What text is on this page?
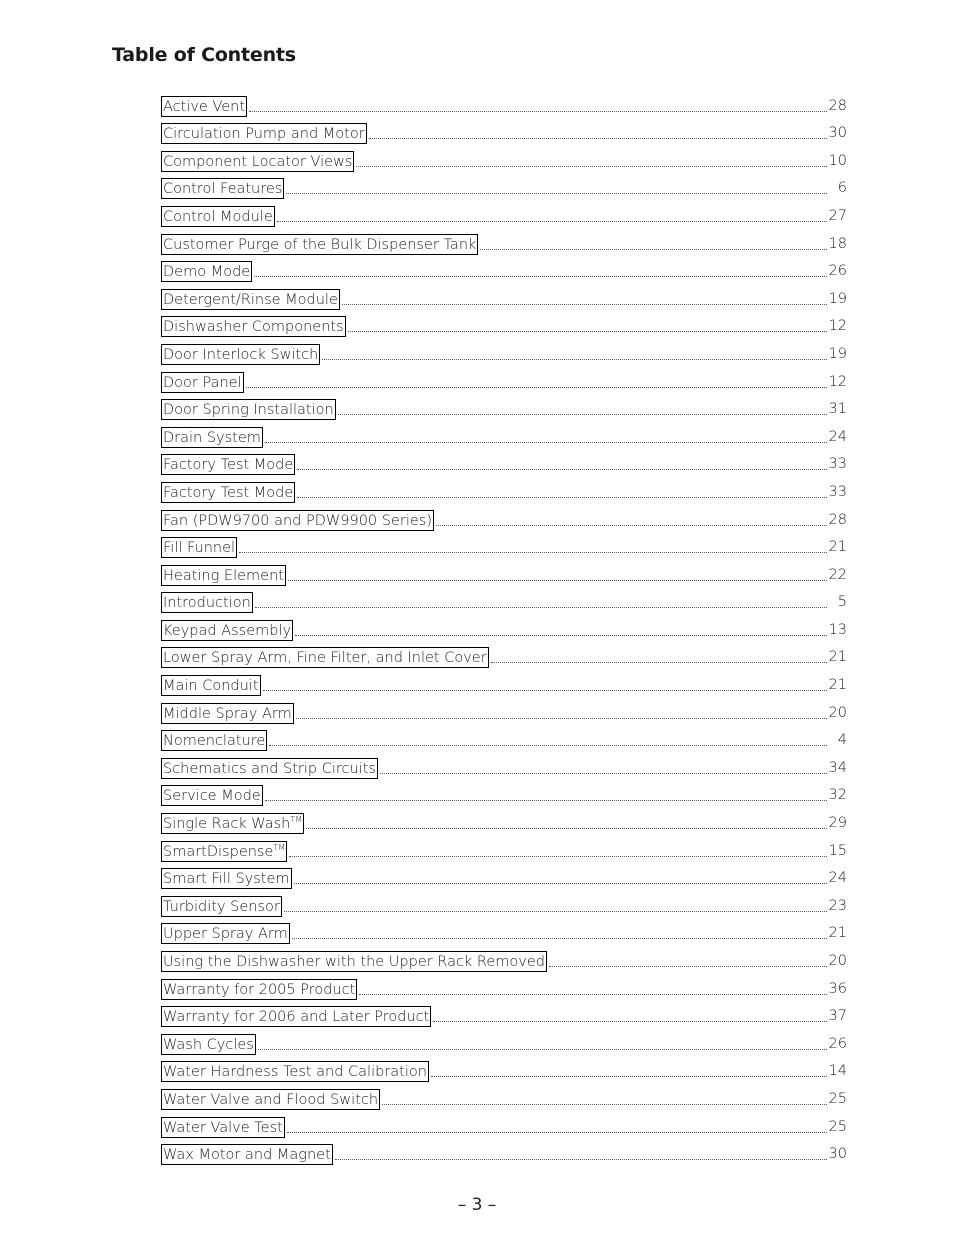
Table of Contents
Active Vent	28
Circulation Pump and Motor	30
Component Locator Views	10
Control Features	6
Control Module	27
Customer Purge of the Bulk Dispenser Tank	18
Demo Mode	26
Detergent/Rinse Module	19
Dishwasher Components	12
Door Interlock Switch	19
Door Panel	12
Door Spring Installation	31
Drain System	24
Factory Test Mode	33
Factory Test Mode	33
Fan (PDW9700 and PDW9900 Series)	28
Fill Funnel	21
Heating Element	22
Introduction	5
Keypad Assembly	13
Lower Spray Arm, Fine Filter, and Inlet Cover	21
Main Conduit	21
Middle Spray Arm	20
Nomenclature	4
Schematics and Strip Circuits	34
Service Mode	32
Single Rack Wash™	29
SmartDispense™	15
Smart Fill System	24
Turbidity Sensor	23
Upper Spray Arm	21
Using the Dishwasher with the Upper Rack Removed	20
Warranty for 2005 Product	36
Warranty for 2006 and Later Product	37
Wash Cycles	26
Water Hardness Test and Calibration	14
Water Valve and Flood Switch	25
Water Valve Test	25
Wax Motor and Magnet	30
– 3 –
